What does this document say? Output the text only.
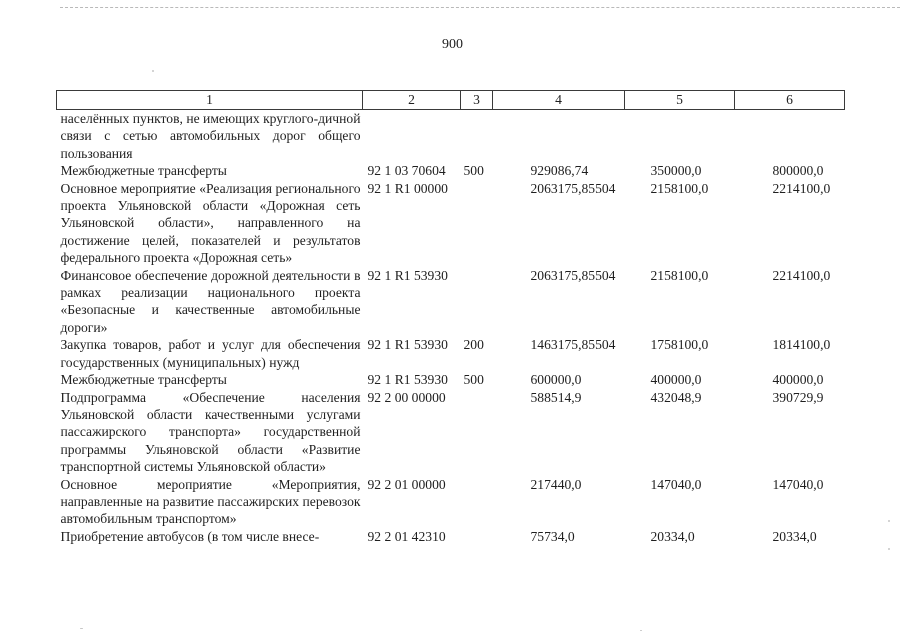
900
1	2	3	4	5	6
населённых пунктов, не имеющих круглого-дичной связи с сетью автомобильных дорог общего пользования					
Межбюджетные трансферты	92 1 03 70604	500	929086,74	350000,0	800000,0
Основное мероприятие «Реализация регионального проекта Ульяновской области «Дорожная сеть Ульяновской области», направленного на достижение целей, показателей и результатов федерального проекта «Дорожная сеть»	92 1 R1 00000		2063175,85504	2158100,0	2214100,0
Финансовое обеспечение дорожной деятельности в рамках реализации национального проекта «Безопасные и качественные автомобильные дороги»	92 1 R1 53930		2063175,85504	2158100,0	2214100,0
Закупка товаров, работ и услуг для обеспечения государственных (муниципальных) нужд	92 1 R1 53930	200	1463175,85504	1758100,0	1814100,0
Межбюджетные трансферты	92 1 R1 53930	500	600000,0	400000,0	400000,0
Подпрограмма «Обеспечение населения Ульяновской области качественными услугами пассажирского транспорта» государственной программы Ульяновской области «Развитие транспортной системы Ульяновской области»	92 2 00 00000		588514,9	432048,9	390729,9
Основное мероприятие «Мероприятия, направленные на развитие пассажирских перевозок автомобильным транспортом»	92 2 01 00000		217440,0	147040,0	147040,0
Приобретение автобусов (в том числе внесе-	92 2 01 42310		75734,0	20334,0	20334,0
